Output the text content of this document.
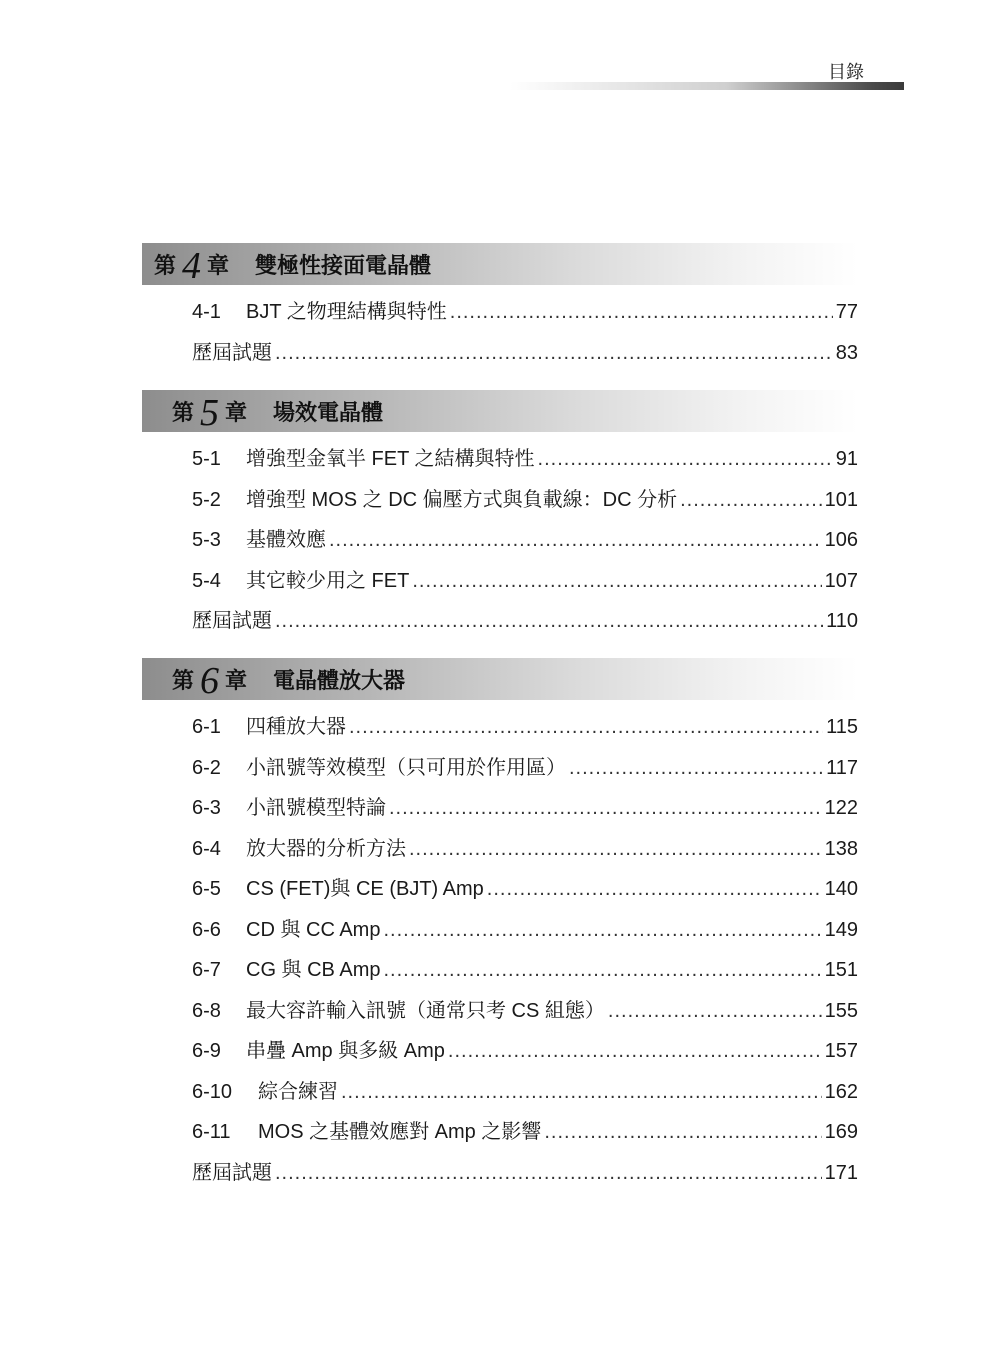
目錄
第 4 章 雙極性接面電晶體
4-1	BJT 之物理結構與特性 .....	77
歷屆試題 .....	83
第 5 章 場效電晶體
5-1	增強型金氧半 FET 之結構與特性 .....	91
5-2	增強型 MOS 之 DC 偏壓方式與負載線：DC 分析 .....	101
5-3	基體效應 .....	106
5-4	其它較少用之 FET .....	107
歷屆試題 .....	110
第 6 章 電晶體放大器
6-1	四種放大器 .....	115
6-2	小訊號等效模型（只可用於作用區） .....	117
6-3	小訊號模型特論 .....	122
6-4	放大器的分析方法 .....	138
6-5	CS (FET)與 CE (BJT) Amp .....	140
6-6	CD 與 CC Amp .....	149
6-7	CG 與 CB Amp .....	151
6-8	最大容許輸入訊號（通常只考 CS 組態） .....	155
6-9	串疊 Amp 與多級 Amp .....	157
6-10	綜合練習 .....	162
6-11	MOS 之基體效應對 Amp 之影響 .....	169
歷屆試題 .....	171
